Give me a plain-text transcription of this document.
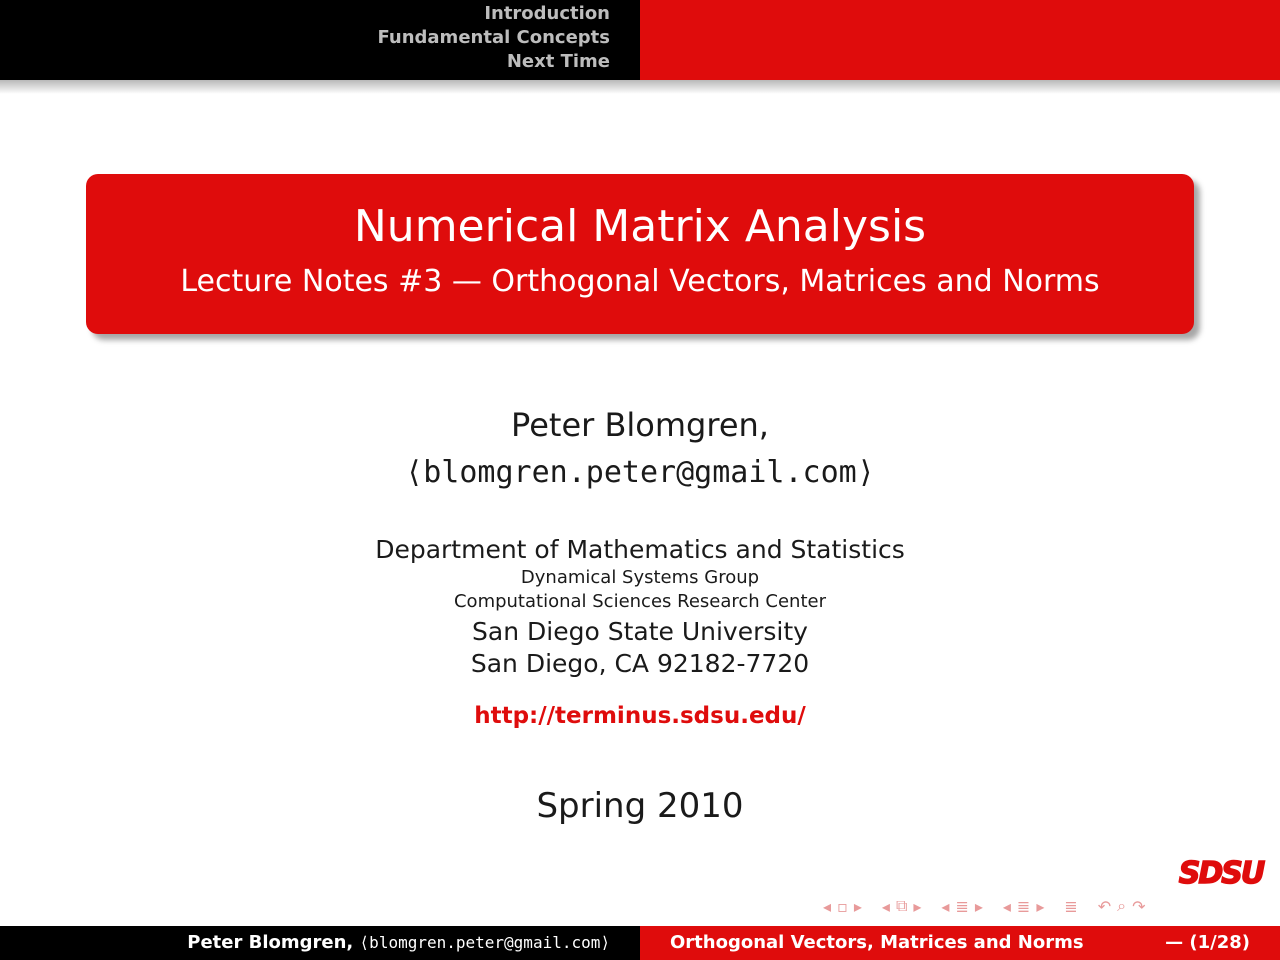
Introduction
Fundamental Concepts
Next Time
Numerical Matrix Analysis
Lecture Notes #3 — Orthogonal Vectors, Matrices and Norms
Peter Blomgren,
⟨blomgren.peter@gmail.com⟩
Department of Mathematics and Statistics
Dynamical Systems Group
Computational Sciences Research Center
San Diego State University
San Diego, CA 92182-7720
http://terminus.sdsu.edu/
Spring 2010
SDSU
◂ ▫ ▸ ◂ ⧉ ▸ ◂ ≣ ▸ ◂ ≣ ▸ ≣ ↶ ⌕ ↷
Peter Blomgren, ⟨blomgren.peter@gmail.com⟩	Orthogonal Vectors, Matrices and Norms	— (1/28)
